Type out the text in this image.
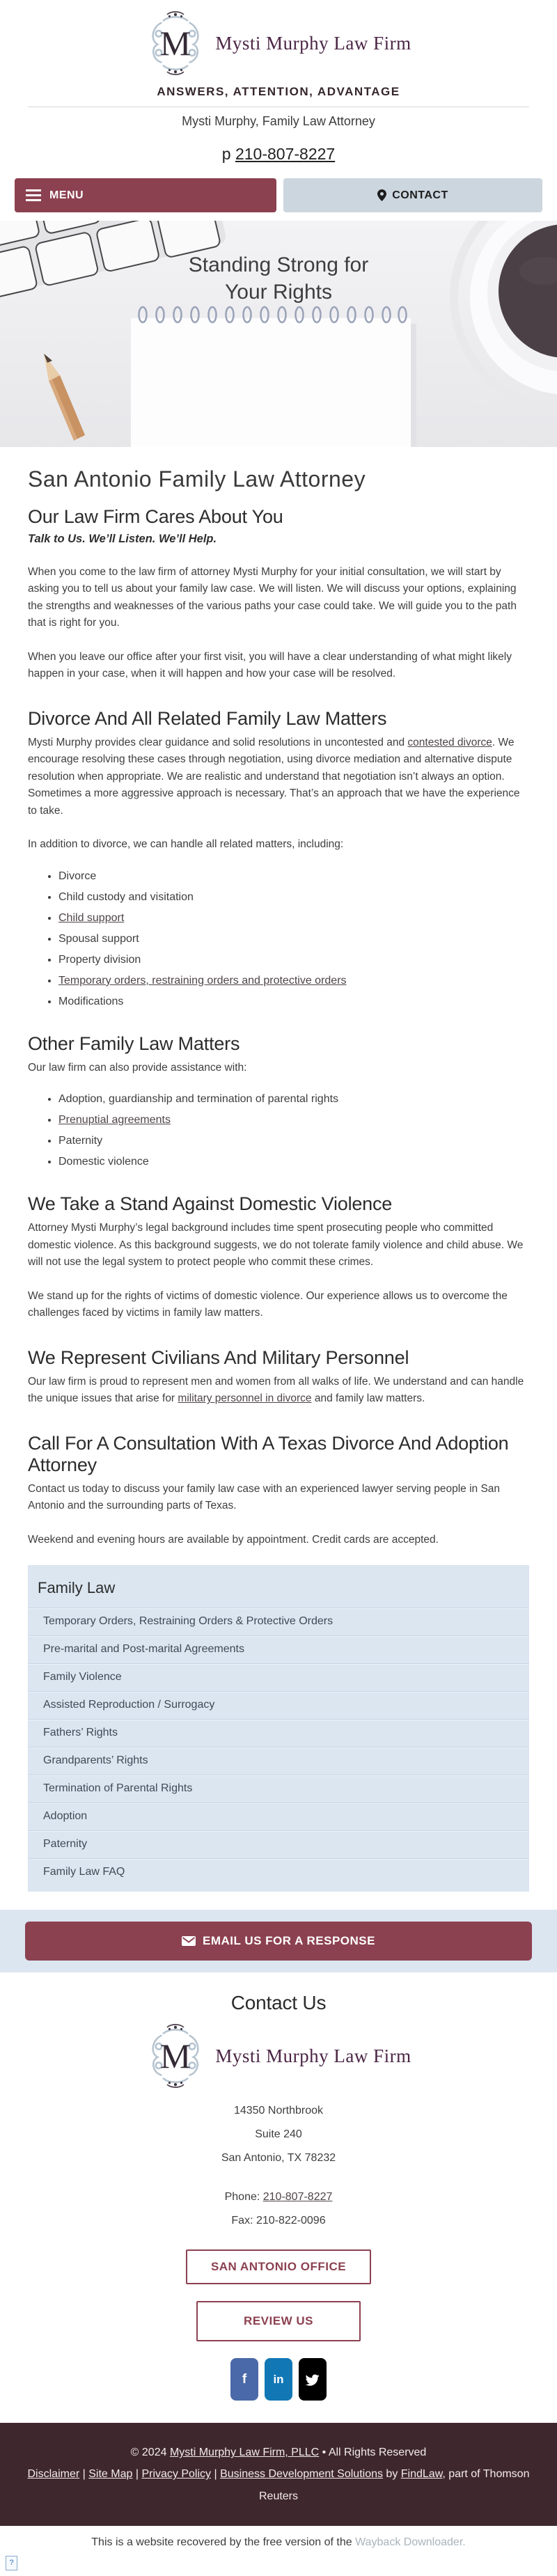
M Mysti Murphy Law Firm
ANSWERS, ATTENTION, ADVANTAGE
Mysti Murphy, Family Law Attorney
p 210-807-8227
MENU	CONTACT
Standing Strong for Your Rights
San Antonio Family Law Attorney
Our Law Firm Cares About You
Talk to Us. We’ll Listen. We’ll Help.

When you come to the law firm of attorney Mysti Murphy for your initial consultation, we will start by asking you to tell us about your family law case. We will listen. We will discuss your options, explaining the strengths and weaknesses of the various paths your case could take. We will guide you to the path that is right for you.

When you leave our office after your first visit, you will have a clear understanding of what might likely happen in your case, when it will happen and how your case will be resolved.

Divorce And All Related Family Law Matters

Mysti Murphy provides clear guidance and solid resolutions in uncontested and contested divorce. We encourage resolving these cases through negotiation, using divorce mediation and alternative dispute resolution when appropriate. We are realistic and understand that negotiation isn’t always an option. Sometimes a more aggressive approach is necessary. That’s an approach that we have the experience to take.

In addition to divorce, we can handle all related matters, including:

• Divorce
• Child custody and visitation
• Child support
• Spousal support
• Property division
• Temporary orders, restraining orders and protective orders
• Modifications
Other Family Law Matters

Our law firm can also provide assistance with:

• Adoption, guardianship and termination of parental rights
• Prenuptial agreements
• Paternity
• Domestic violence
We Take a Stand Against Domestic Violence

Attorney Mysti Murphy’s legal background includes time spent prosecuting people who committed domestic violence. As this background suggests, we do not tolerate family violence and child abuse. We will not use the legal system to protect people who commit these crimes.

We stand up for the rights of victims of domestic violence. Our experience allows us to overcome the challenges faced by victims in family law matters.

We Represent Civilians And Military Personnel

Our law firm is proud to represent men and women from all walks of life. We understand and can handle the unique issues that arise for military personnel in divorce and family law matters.

Call For A Consultation With A Texas Divorce And Adoption Attorney

Contact us today to discuss your family law case with an experienced lawyer serving people in San Antonio and the surrounding parts of Texas.

Weekend and evening hours are available by appointment. Credit cards are accepted.

Family Law
Temporary Orders, Restraining Orders & Protective Orders
Pre-marital and Post-marital Agreements
Family Violence
Assisted Reproduction / Surrogacy
Fathers’ Rights
Grandparents’ Rights
Termination of Parental Rights
Adoption
Paternity
Family Law FAQ
EMAIL US FOR A RESPONSE
Contact Us
M Mysti Murphy Law Firm
14350 Northbrook
Suite 240
San Antonio, TX 78232
Phone: 210-807-8227
Fax: 210-822-0096
SAN ANTONIO OFFICE
REVIEW US
f	in
© 2024 Mysti Murphy Law Firm, PLLC • All Rights Reserved
Disclaimer | Site Map | Privacy Policy | Business Development Solutions by FindLaw, part of Thomson Reuters
This is a website recovered by the free version of the Wayback Downloader.
?
